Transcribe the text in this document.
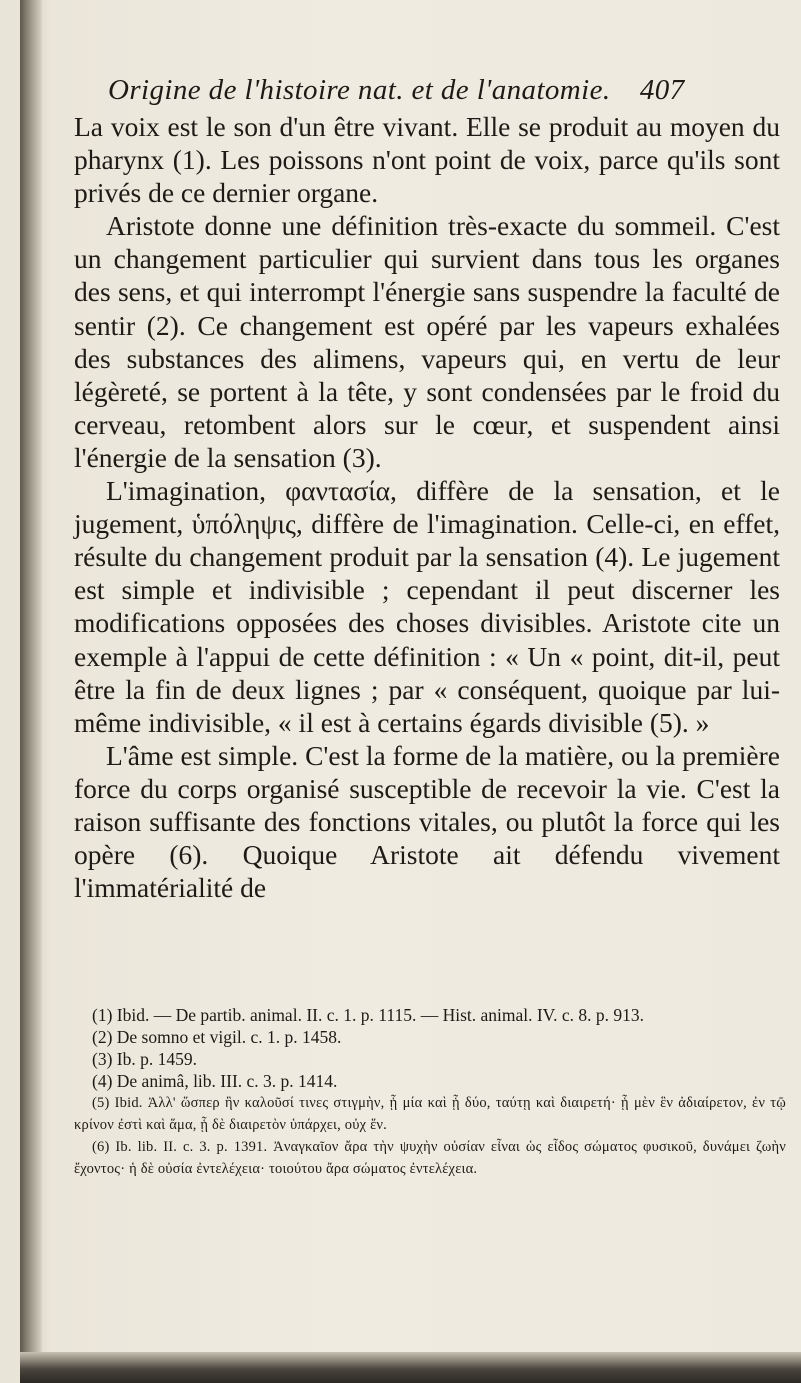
Origine de l'histoire nat. et de l'anatomie. 407

La voix est le son d'un être vivant. Elle se produit au moyen du pharynx (1). Les poissons n'ont point de voix, parce qu'ils sont privés de ce dernier organe.

Aristote donne une définition très-exacte du sommeil. C'est un changement particulier qui survient dans tous les organes des sens, et qui interrompt l'énergie sans suspendre la faculté de sentir (2). Ce changement est opéré par les vapeurs exhalées des substances des alimens, vapeurs qui, en vertu de leur légèreté, se portent à la tête, y sont condensées par le froid du cerveau, retombent alors sur le cœur, et suspendent ainsi l'énergie de la sensation (3).

L'imagination, φαντασία, diffère de la sensation, et le jugement, ὑπόληψις, diffère de l'imagination. Celle-ci, en effet, résulte du changement produit par la sensation (4). Le jugement est simple et indivisible ; cependant il peut discerner les modifications opposées des choses divisibles. Aristote cite un exemple à l'appui de cette définition : « Un « point, dit-il, peut être la fin de deux lignes ; par « conséquent, quoique par lui-même indivisible, « il est à certains égards divisible (5). »

L'âme est simple. C'est la forme de la matière, ou la première force du corps organisé susceptible de recevoir la vie. C'est la raison suffisante des fonctions vitales, ou plutôt la force qui les opère (6). Quoique Aristote ait défendu vivement l'immatérialité de

(1) Ibid. — De partib. animal. II. c. 1. p. 1115. — Hist. animal. IV. c. 8. p. 913.

(2) De somno et vigil. c. 1. p. 1458.

(3) Ib. p. 1459.

(4) De animâ, lib. III. c. 3. p. 1414.

(5) Ibid. Ἀλλ' ὥσπερ ἣν καλοῦσί τινες στιγμὴν, ᾗ μία καὶ ᾗ δύο, ταύτῃ καὶ διαιρετή· ᾗ μὲν ἓν ἀδιαίρετον, ἐν τῷ κρίνον ἐστὶ καὶ ἅμα, ᾗ δὲ διαιρετὸν ὑπάρχει, οὐχ ἕν.

(6) Ib. lib. II. c. 3. p. 1391. Ἀναγκαῖον ἄρα τὴν ψυχὴν οὐσίαν εἶναι ὡς εἶδος σώματος φυσικοῦ, δυνάμει ζωὴν ἔχοντος· ἡ δὲ οὐσία ἐντελέχεια· τοιούτου ἄρα σώματος ἐντελέχεια.
